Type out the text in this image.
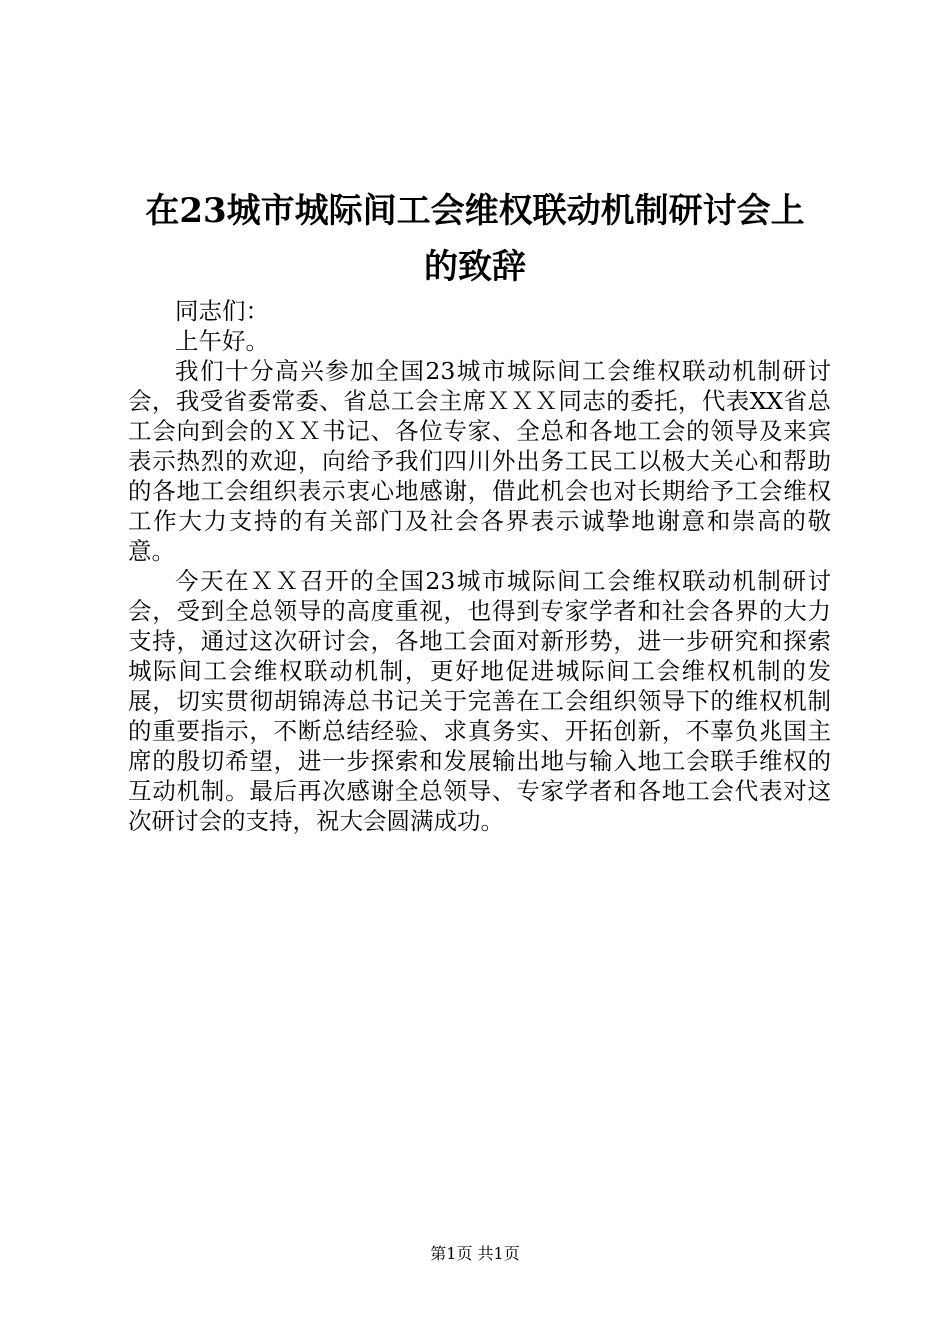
在23城市城际间工会维权联动机制研讨会上
的致辞

同志们：

上午好。

我们十分高兴参加全国23城市城际间工会维权联动机制研讨会，我受省委常委、省总工会主席ＸＸＸ同志的委托，代表XX省总工会向到会的ＸＸ书记、各位专家、全总和各地工会的领导及来宾表示热烈的欢迎，向给予我们四川外出务工民工以极大关心和帮助的各地工会组织表示衷心地感谢，借此机会也对长期给予工会维权工作大力支持的有关部门及社会各界表示诚挚地谢意和崇高的敬意。

今天在ＸＸ召开的全国23城市城际间工会维权联动机制研讨会，受到全总领导的高度重视，也得到专家学者和社会各界的大力支持，通过这次研讨会，各地工会面对新形势，进一步研究和探索城际间工会维权联动机制，更好地促进城际间工会维权机制的发展，切实贯彻胡锦涛总书记关于完善在工会组织领导下的维权机制的重要指示，不断总结经验、求真务实、开拓创新，不辜负兆国主席的殷切希望，进一步探索和发展输出地与输入地工会联手维权的互动机制。最后再次感谢全总领导、专家学者和各地工会代表对这次研讨会的支持，祝大会圆满成功。

第1页 共1页
